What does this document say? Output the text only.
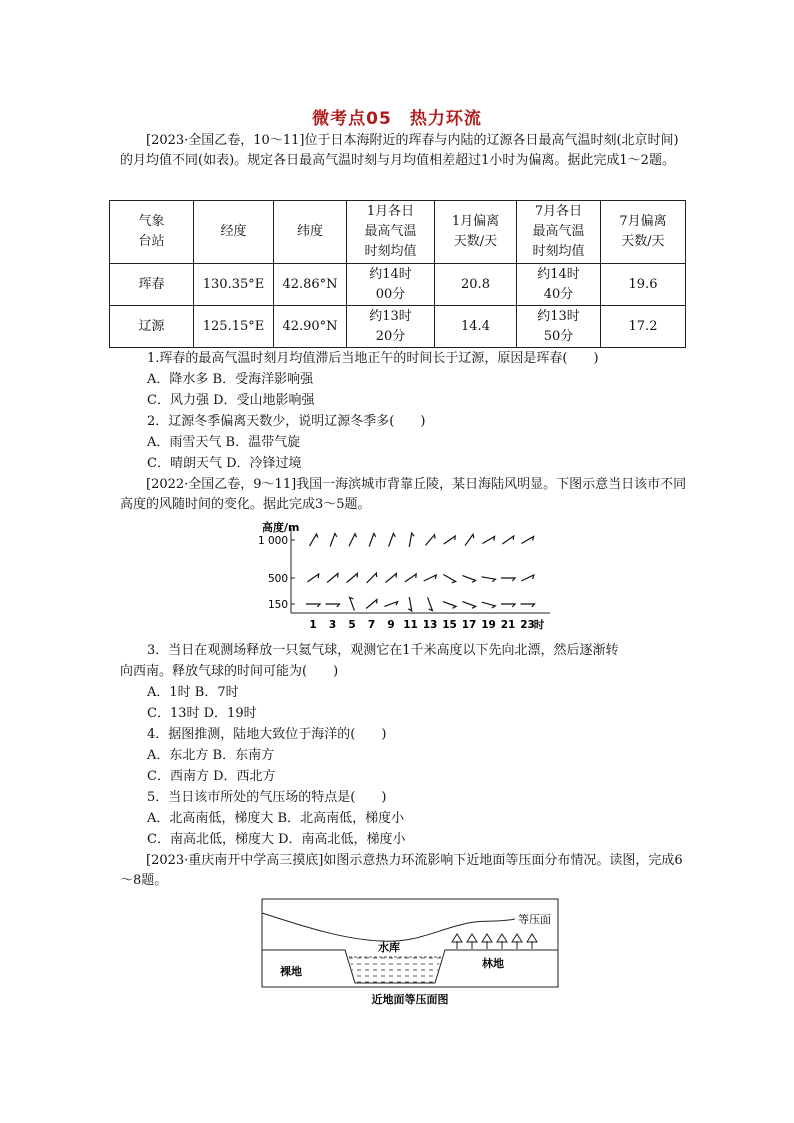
微考点05　热力环流

[2023·全国乙卷，10～11]位于日本海附近的珲春与内陆的辽源各日最高气温时刻(北京时间)的月均值不同(如表)。规定各日最高气温时刻与月均值相差超过1小时为偏离。据此完成1～2题。

气象
台站	经度	纬度	1月各日
最高气温
时刻均值	1月偏离
天数/天	7月各日
最高气温
时刻均值	7月偏离
天数/天
珲春	130.35°E	42.86°N	约14时
00分	20.8	约14时
40分	19.6
辽源	125.15°E	42.90°N	约13时
20分	14.4	约13时
50分	17.2
1.珲春的最高气温时刻月均值滞后当地正午的时间长于辽源，原因是珲春(　　)
A．降水多 B．受海洋影响强
C．风力强 D．受山地影响强
2．辽源冬季偏离天数少，说明辽源冬季多(　　)
A．雨雪天气 B．温带气旋
C．晴朗天气 D．冷锋过境

[2022·全国乙卷，9～11]我国一海滨城市背靠丘陵，某日海陆风明显。下图示意当日该市不同高度的风随时间的变化。据此完成3～5题。

高度/m
1 000
500
150
1 3 5 7 9 11 13 15 17 19 21 23
时
3．当日在观测场释放一只氦气球，观测它在1千米高度以下先向北漂，然后逐渐转
向西南。释放气球的时间可能为(　　)
A．1时 B．7时
C．13时 D．19时
4．据图推测，陆地大致位于海洋的(　　)
A．东北方 B．东南方
C．西南方 D．西北方
5．当日该市所处的气压场的特点是(　　)
A．北高南低，梯度大 B．北高南低，梯度小
C．南高北低，梯度大 D．南高北低，梯度小

[2023·重庆南开中学高三摸底]如图示意热力环流影响下近地面等压面分布情况。读图，完成6～8题。

等压面
水库
裸地
林地
近地面等压面图
